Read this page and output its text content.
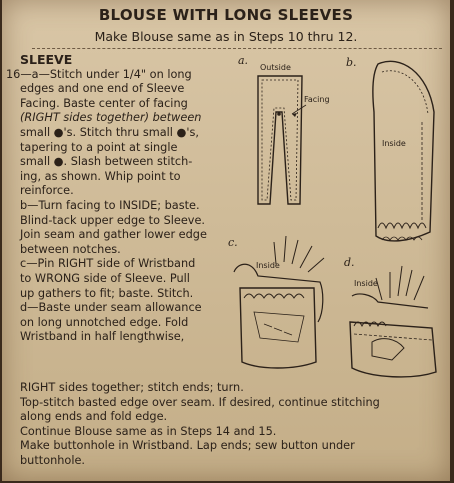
BLOUSE WITH LONG SLEEVES
Make Blouse same as in Steps 10 thru 12.
SLEEVE
16—a—Stitch under 1/4" on long
edges and one end of Sleeve
Facing. Baste center of facing
(RIGHT sides together) between
small ●'s. Stitch thru small ●'s,
tapering to a point at single
small ●. Slash between stitch-
ing, as shown. Whip point to
reinforce.
b—Turn facing to INSIDE; baste.
Blind-tack upper edge to Sleeve.
Join seam and gather lower edge
between notches.
c—Pin RIGHT side of Wristband
to WRONG side of Sleeve. Pull
up gathers to fit; baste. Stitch.
d—Baste under seam allowance
on long unnotched edge. Fold
Wristband in half lengthwise,
RIGHT sides together; stitch ends; turn.
Top-stitch basted edge over seam. If desired, continue stitching
along ends and fold edge.
Continue Blouse same as in Steps 14 and 15.
Make buttonhole in Wristband. Lap ends; sew button under
buttonhole.
a.
Outside
Facing
b.
Inside
c.
Inside	d.
Inside
